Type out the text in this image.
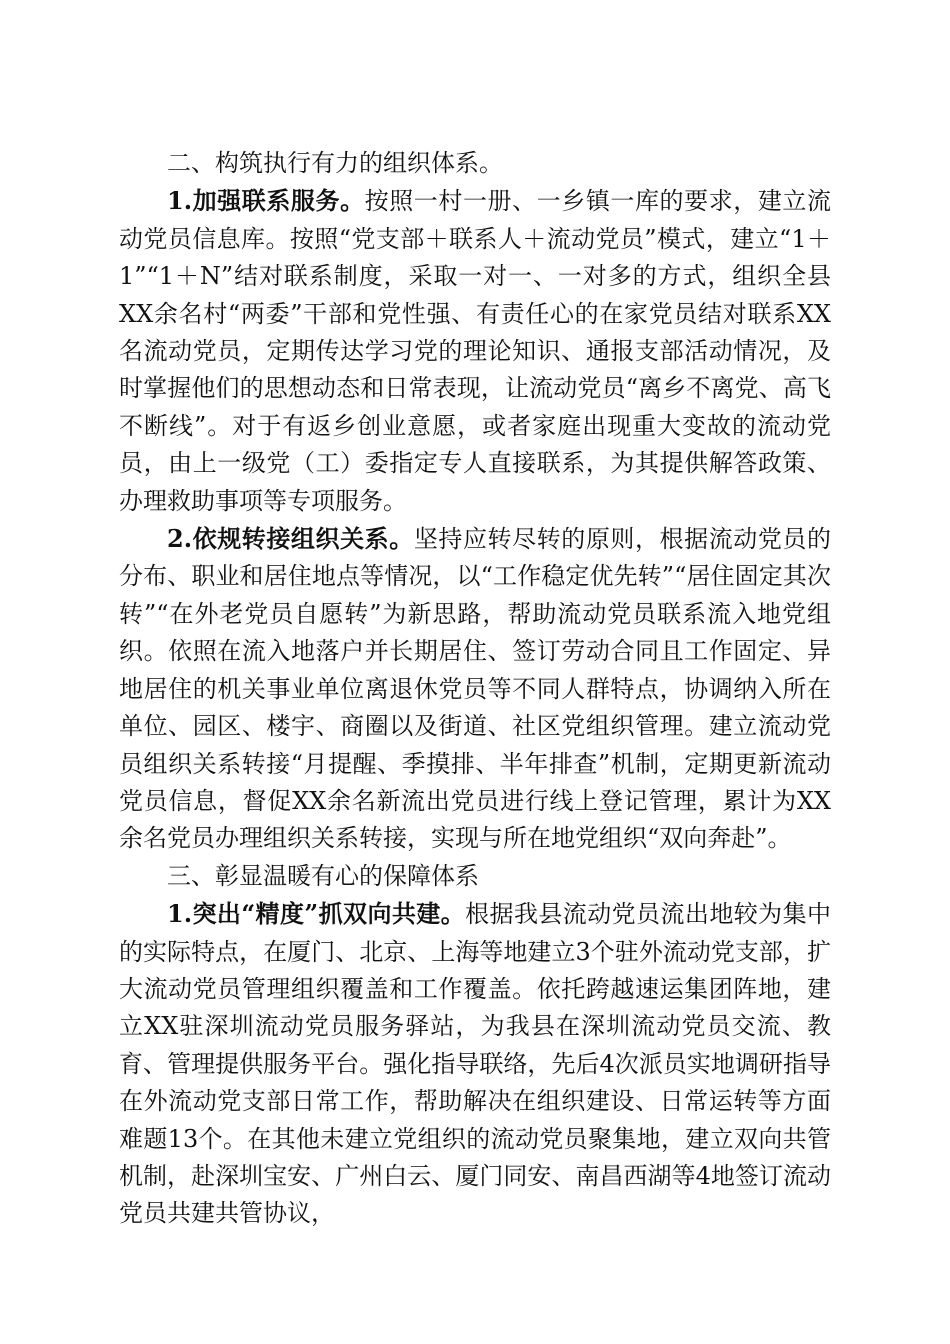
二、构筑执行有力的组织体系。

1.加强联系服务。按照一村一册、一乡镇一库的要求，建立流动党员信息库。按照“党支部＋联系人＋流动党员”模式，建立“1＋1”“1＋N”结对联系制度，采取一对一、一对多的方式，组织全县XX余名村“两委”干部和党性强、有责任心的在家党员结对联系XX名流动党员，定期传达学习党的理论知识、通报支部活动情况，及时掌握他们的思想动态和日常表现，让流动党员“离乡不离党、高飞不断线”。对于有返乡创业意愿，或者家庭出现重大变故的流动党员，由上一级党（工）委指定专人直接联系，为其提供解答政策、办理救助事项等专项服务。

2.依规转接组织关系。坚持应转尽转的原则，根据流动党员的分布、职业和居住地点等情况，以“工作稳定优先转”“居住固定其次转”“在外老党员自愿转”为新思路，帮助流动党员联系流入地党组织。依照在流入地落户并长期居住、签订劳动合同且工作固定、异地居住的机关事业单位离退休党员等不同人群特点，协调纳入所在单位、园区、楼宇、商圈以及街道、社区党组织管理。建立流动党员组织关系转接“月提醒、季摸排、半年排查”机制，定期更新流动党员信息，督促XX余名新流出党员进行线上登记管理，累计为XX余名党员办理组织关系转接，实现与所在地党组织“双向奔赴”。

三、彰显温暖有心的保障体系

1.突出“精度”抓双向共建。根据我县流动党员流出地较为集中的实际特点，在厦门、北京、上海等地建立3个驻外流动党支部，扩大流动党员管理组织覆盖和工作覆盖。依托跨越速运集团阵地，建立XX驻深圳流动党员服务驿站，为我县在深圳流动党员交流、教育、管理提供服务平台。强化指导联络，先后4次派员实地调研指导在外流动党支部日常工作，帮助解决在组织建设、日常运转等方面难题13个。在其他未建立党组织的流动党员聚集地，建立双向共管机制，赴深圳宝安、广州白云、厦门同安、南昌西湖等4地签订流动党员共建共管协议，
